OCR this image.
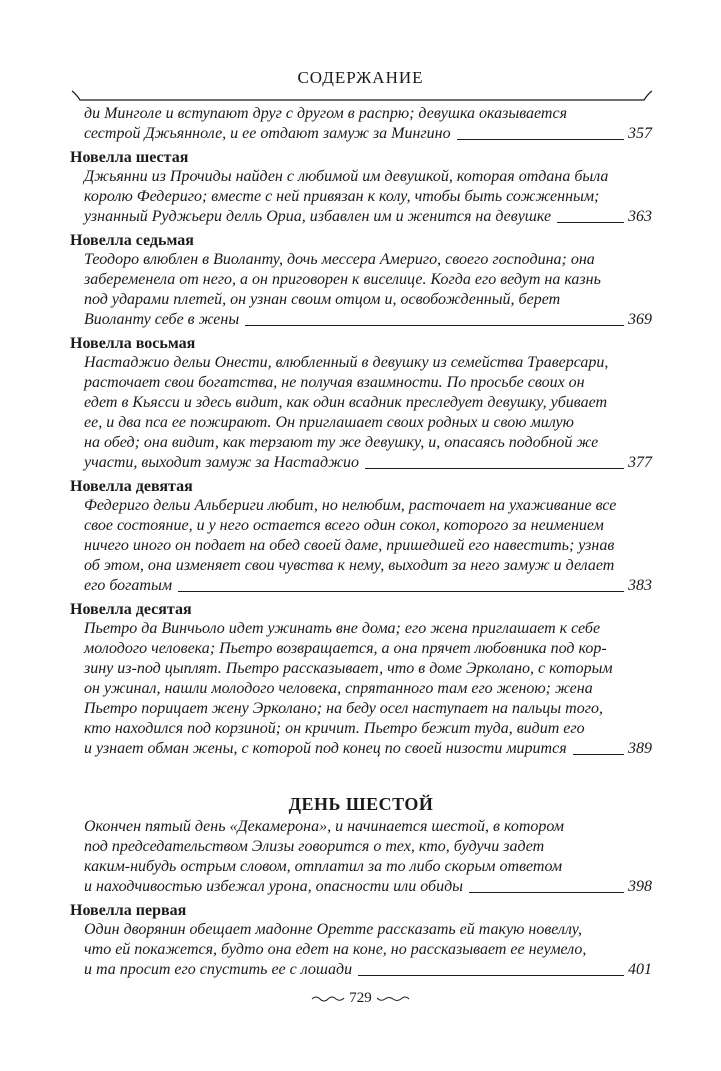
СОДЕРЖАНИЕ
ди Минголе и вступают друг с другом в распрю; девушка оказывается
сестрой Джьянноле, и ее отдают замуж за Мингино	357
Новелла шестая
Джьянни из Прочиды найден с любимой им девушкой, которая отдана была
королю Федериго; вместе с ней привязан к колу, чтобы быть сожженным;
узнанный Руджьери делль Ориа, избавлен им и женится на девушке	363
Новелла седьмая
Теодоро влюблен в Виоланту, дочь мессера Америго, своего господина; она
забеременела от него, а он приговорен к виселице. Когда его ведут на казнь
под ударами плетей, он узнан своим отцом и, освобожденный, берет
Виоланту себе в жены	369
Новелла восьмая
Настаджио дельи Онести, влюбленный в девушку из семейства Траверсари,
расточает свои богатства, не получая взаимности. По просьбе своих он
едет в Кьясси и здесь видит, как один всадник преследует девушку, убивает
ее, и два пса ее пожирают. Он приглашает своих родных и свою милую
на обед; она видит, как терзают ту же девушку, и, опасаясь подобной же
участи, выходит замуж за Настаджио	377
Новелла девятая
Федериго дельи Альбериги любит, но нелюбим, расточает на ухаживание все
свое состояние, и у него остается всего один сокол, которого за неимением
ничего иного он подает на обед своей даме, пришедшей его навестить; узнав
об этом, она изменяет свои чувства к нему, выходит за него замуж и делает
его богатым	383
Новелла десятая
Пьетро да Винчьоло идет ужинать вне дома; его жена приглашает к себе
молодого человека; Пьетро возвращается, а она прячет любовника под кор-
зину из-под цыплят. Пьетро рассказывает, что в доме Эрколано, с которым
он ужинал, нашли молодого человека, спрятанного там его женою; жена
Пьетро порицает жену Эрколано; на беду осел наступает на пальцы того,
кто находился под корзиной; он кричит. Пьетро бежит туда, видит его
и узнает обман жены, с которой под конец по своей низости мирится	389
ДЕНЬ ШЕСТОЙ
Окончен пятый день «Декамерона», и начинается шестой, в котором
под председательством Элизы говорится о тех, кто, будучи задет
каким-нибудь острым словом, отплатил за то либо скорым ответом
и находчивостью избежал урона, опасности или обиды	398
Новелла первая
Один дворянин обещает мадонне Оретте рассказать ей такую новеллу,
что ей покажется, будто она едет на коне, но рассказывает ее неумело,
и та просит его спустить ее с лошади	401
729
